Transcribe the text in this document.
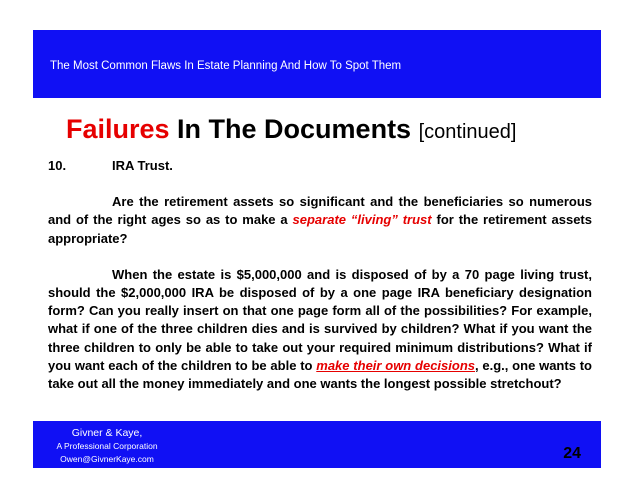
The Most Common Flaws In Estate Planning And How To Spot Them
Failures In The Documents [continued]
10.	IRA Trust.

Are the retirement assets so significant and the beneficiaries so numerous and of the right ages so as to make a separate “living” trust for the retirement assets appropriate?

When the estate is $5,000,000 and is disposed of by a 70 page living trust, should the $2,000,000 IRA be disposed of by a one page IRA beneficiary designation form? Can you really insert on that one page form all of the possibilities? For example, what if one of the three children dies and is survived by children? What if you want the three children to only be able to take out your required minimum distributions? What if you want each of the children to be able to make their own decisions, e.g., one wants to take out all the money immediately and one wants the longest possible stretchout?

Givner & Kaye,
A Professional Corporation
Owen@GivnerKaye.com	24
